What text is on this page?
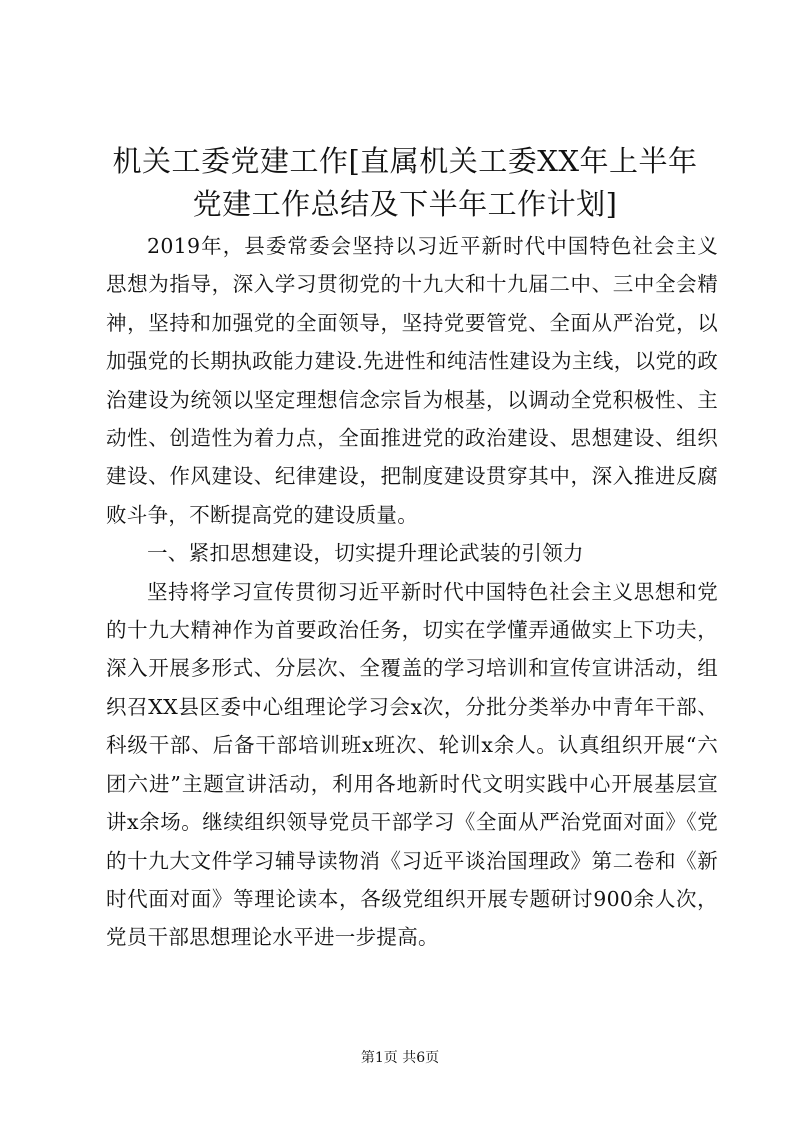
机关工委党建工作[直属机关工委XX年上半年党建工作总结及下半年工作计划]

2019年，县委常委会坚持以习近平新时代中国特色社会主义思想为指导，深入学习贯彻党的十九大和十九届二中、三中全会精神，坚持和加强党的全面领导，坚持党要管党、全面从严治党，以加强党的长期执政能力建设.先进性和纯洁性建设为主线，以党的政治建设为统领以坚定理想信念宗旨为根基，以调动全党积极性、主动性、创造性为着力点，全面推进党的政治建设、思想建设、组织建设、作风建设、纪律建设，把制度建设贯穿其中，深入推进反腐败斗争，不断提高党的建设质量。

一、紧扣思想建设，切实提升理论武装的引领力

坚持将学习宣传贯彻习近平新时代中国特色社会主义思想和党的十九大精神作为首要政治任务，切实在学懂弄通做实上下功夫，深入开展多形式、分层次、全覆盖的学习培训和宣传宣讲活动，组织召XX县区委中心组理论学习会x次，分批分类举办中青年干部、科级干部、后备干部培训班x班次、轮训x余人。认真组织开展“六团六进”主题宣讲活动，利用各地新时代文明实践中心开展基层宣讲x余场。继续组织领导党员干部学习《全面从严治党面对面》《党的十九大文件学习辅导读物消《习近平谈治国理政》第二卷和《新时代面对面》等理论读本，各级党组织开展专题研讨900余人次，党员干部思想理论水平进一步提高。

第1页 共6页
